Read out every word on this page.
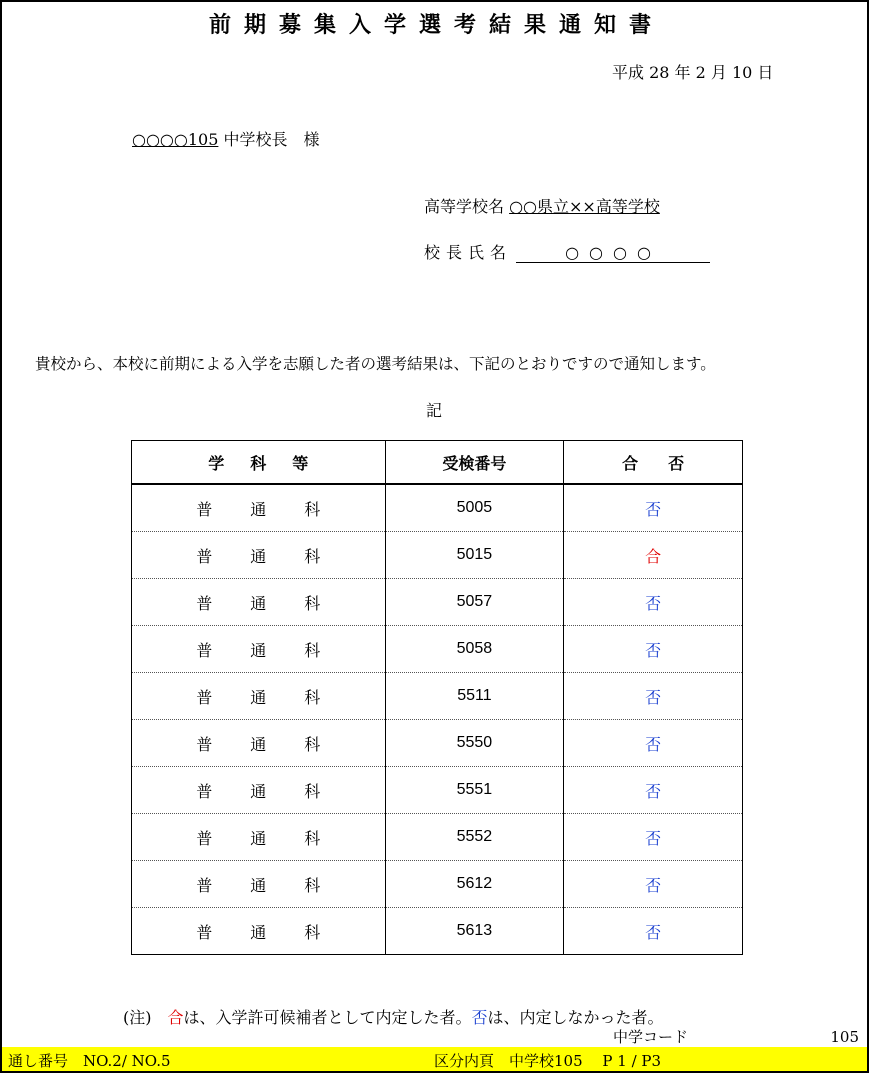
前期募集入学選考結果通知書
平成 28 年 2 月 10 日
○○○○105 中学校長　様
高等学校名 ○○県立××高等学校
校長氏名	○○○○
貴校から、本校に前期による入学を志願した者の選考結果は、下記のとおりですので通知します。
記
学科等	受検番号	合否
普通科	5005	否
普通科	5015	合
普通科	5057	否
普通科	5058	否
普通科	5511	否
普通科	5550	否
普通科	5551	否
普通科	5552	否
普通科	5612	否
普通科	5613	否
(注)　合は、入学許可候補者として内定した者。否は、内定しなかった者。
中学コード	105
通し番号　NO.2/ NO.5	区分内頁　中学校105　 P 1 / P3
